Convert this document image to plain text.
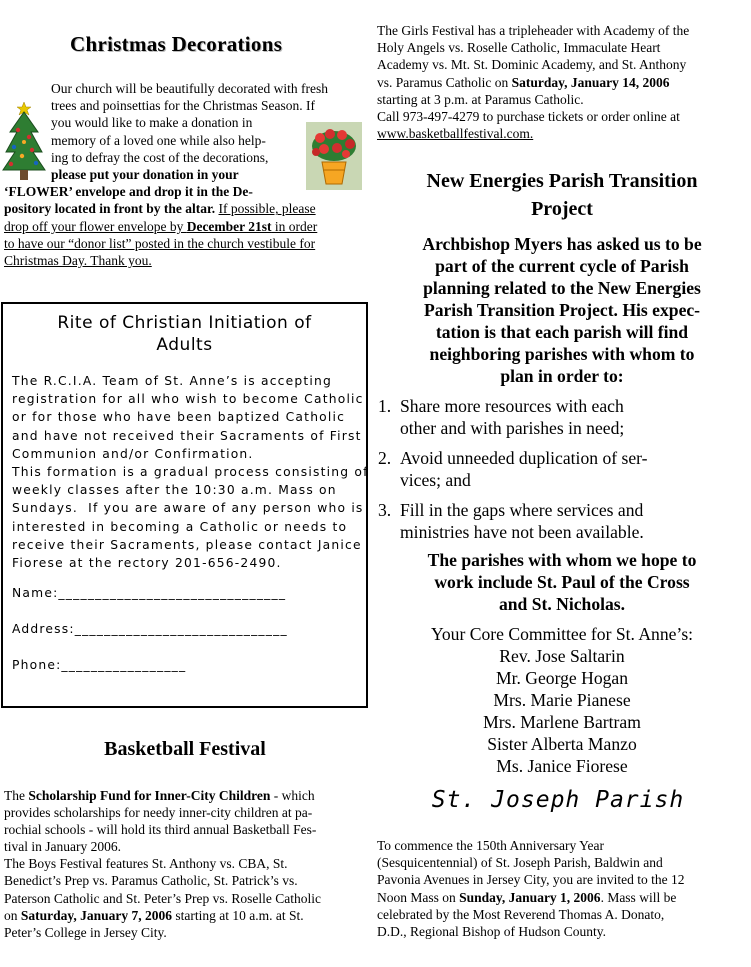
Christmas Decorations
Our church will be beautifully decorated with fresh
trees and poinsettias for the Christmas Season. If
you would like to make a donation in
memory of a loved one while also help-
ing to defray the cost of the decorations,
please put your donation in your
‘FLOWER’ envelope and drop it in the De-
pository located in front by the altar. If possible, please
drop off your flower envelope by December 21st in order
to have our “donor list” posted in the church vestibule for
Christmas Day. Thank you.
Rite of Christian Initiation of
Adults
The R.C.I.A. Team of St. Anne’s is accepting
registration for all who wish to become Catholic
or for those who have been baptized Catholic
and have not received their Sacraments of First
Communion and/or Confirmation.
This formation is a gradual process consisting of
weekly classes after the 10:30 a.m. Mass on
Sundays.  If you are aware of any person who is
interested in becoming a Catholic or needs to
receive their Sacraments, please contact Janice
Fiorese at the rectory 201-656-2490.
Name:_______________________________
Address:_____________________________
Phone:_________________
Basketball Festival
The Scholarship Fund for Inner-City Children - which
provides scholarships for needy inner-city children at pa-
rochial schools - will hold its third annual Basketball Fes-
tival in January 2006.
The Boys Festival features St. Anthony vs. CBA, St.
Benedict’s Prep vs. Paramus Catholic, St. Patrick’s vs.
Paterson Catholic and St. Peter’s Prep vs. Roselle Catholic
on Saturday, January 7, 2006 starting at 10 a.m. at St.
Peter’s College in Jersey City.
The Girls Festival has a tripleheader with Academy of the
Holy Angels vs. Roselle Catholic, Immaculate Heart
Academy vs. Mt. St. Dominic Academy, and St. Anthony
vs. Paramus Catholic on Saturday, January 14, 2006
starting at 3 p.m. at Paramus Catholic.
Call 973-497-4279 to purchase tickets or order online at
www.basketballfestival.com.
New Energies Parish Transition
Project
Archbishop Myers has asked us to be
part of the current cycle of Parish
planning related to the New Energies
Parish Transition Project. His expec-
tation is that each parish will find
neighboring parishes with whom to
plan in order to:
1. Share more resources with each
other and with parishes in need;
2. Avoid unneeded duplication of ser-
vices; and
3. Fill in the gaps where services and
ministries have not been available.
The parishes with whom we hope to
work include St. Paul of the Cross
and St. Nicholas.
Your Core Committee for St. Anne’s:
Rev. Jose Saltarin
Mr. George Hogan
Mrs. Marie Pianese
Mrs. Marlene Bartram
Sister Alberta Manzo
Ms. Janice Fiorese
St. Joseph Parish
To commence the 150th Anniversary Year
(Sesquicentennial) of St. Joseph Parish, Baldwin and
Pavonia Avenues in Jersey City, you are invited to the 12
Noon Mass on Sunday, January 1, 2006. Mass will be
celebrated by the Most Reverend Thomas A. Donato,
D.D., Regional Bishop of Hudson County.
